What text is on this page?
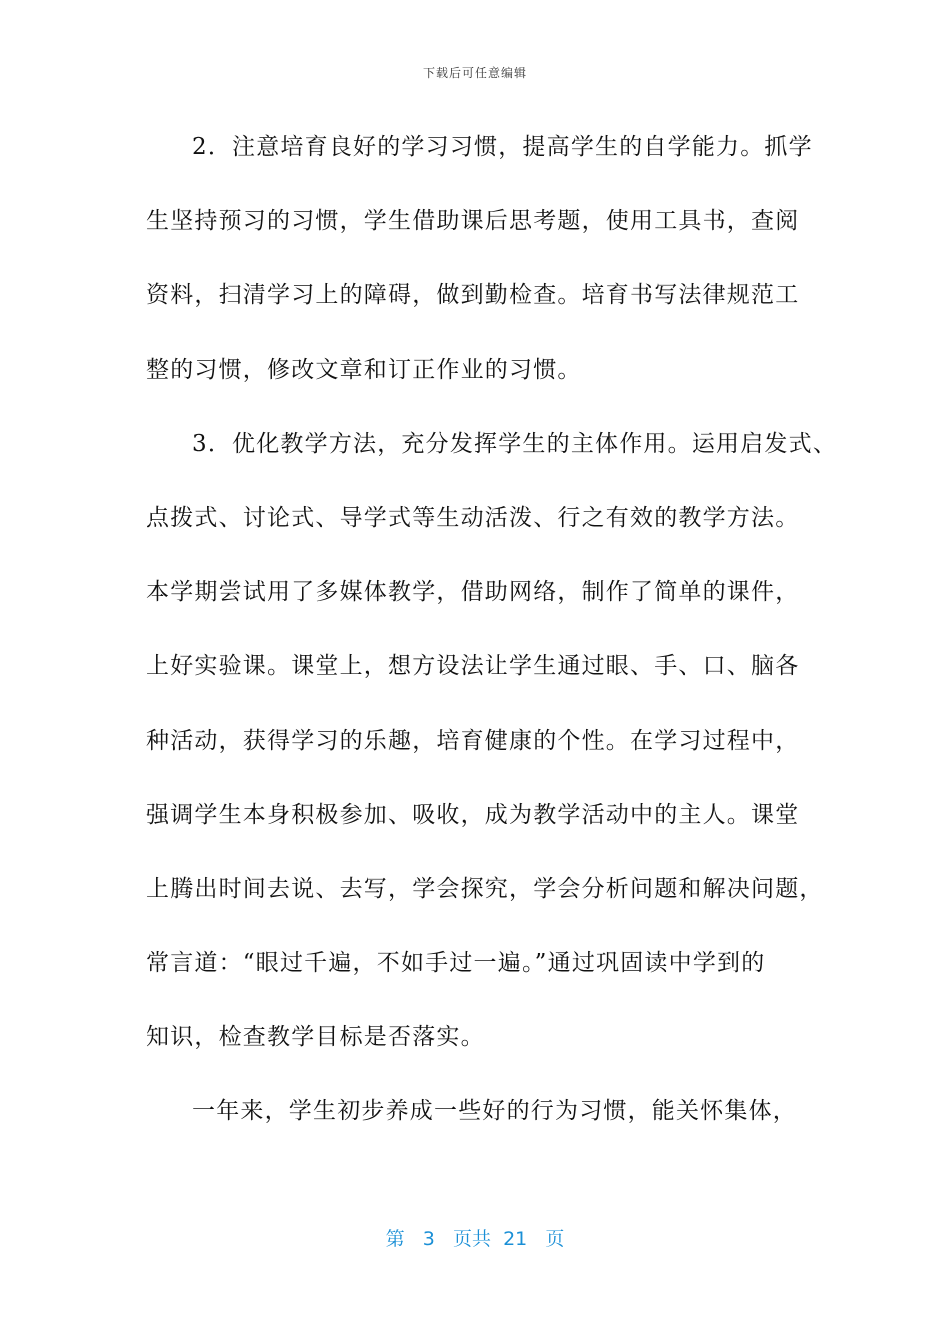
下载后可任意编辑
2．注意培育良好的学习习惯，提高学生的自学能力。抓学
生坚持预习的习惯，学生借助课后思考题，使用工具书，查阅
资料，扫清学习上的障碍，做到勤检查。培育书写法律规范工
整的习惯，修改文章和订正作业的习惯。
3．优化教学方法，充分发挥学生的主体作用。运用启发式、
点拨式、讨论式、导学式等生动活泼、行之有效的教学方法。
本学期尝试用了多媒体教学，借助网络，制作了简单的课件，
上好实验课。课堂上，想方设法让学生通过眼、手、口、脑各
种活动，获得学习的乐趣，培育健康的个性。在学习过程中，
强调学生本身积极参加、吸收，成为教学活动中的主人。课堂
上腾出时间去说、去写，学会探究，学会分析问题和解决问题，
常言道：“眼过千遍，不如手过一遍。”通过巩固读中学到的
知识，检查教学目标是否落实。
一年来，学生初步养成一些好的行为习惯，能关怀集体，
第 3 页共 21 页
